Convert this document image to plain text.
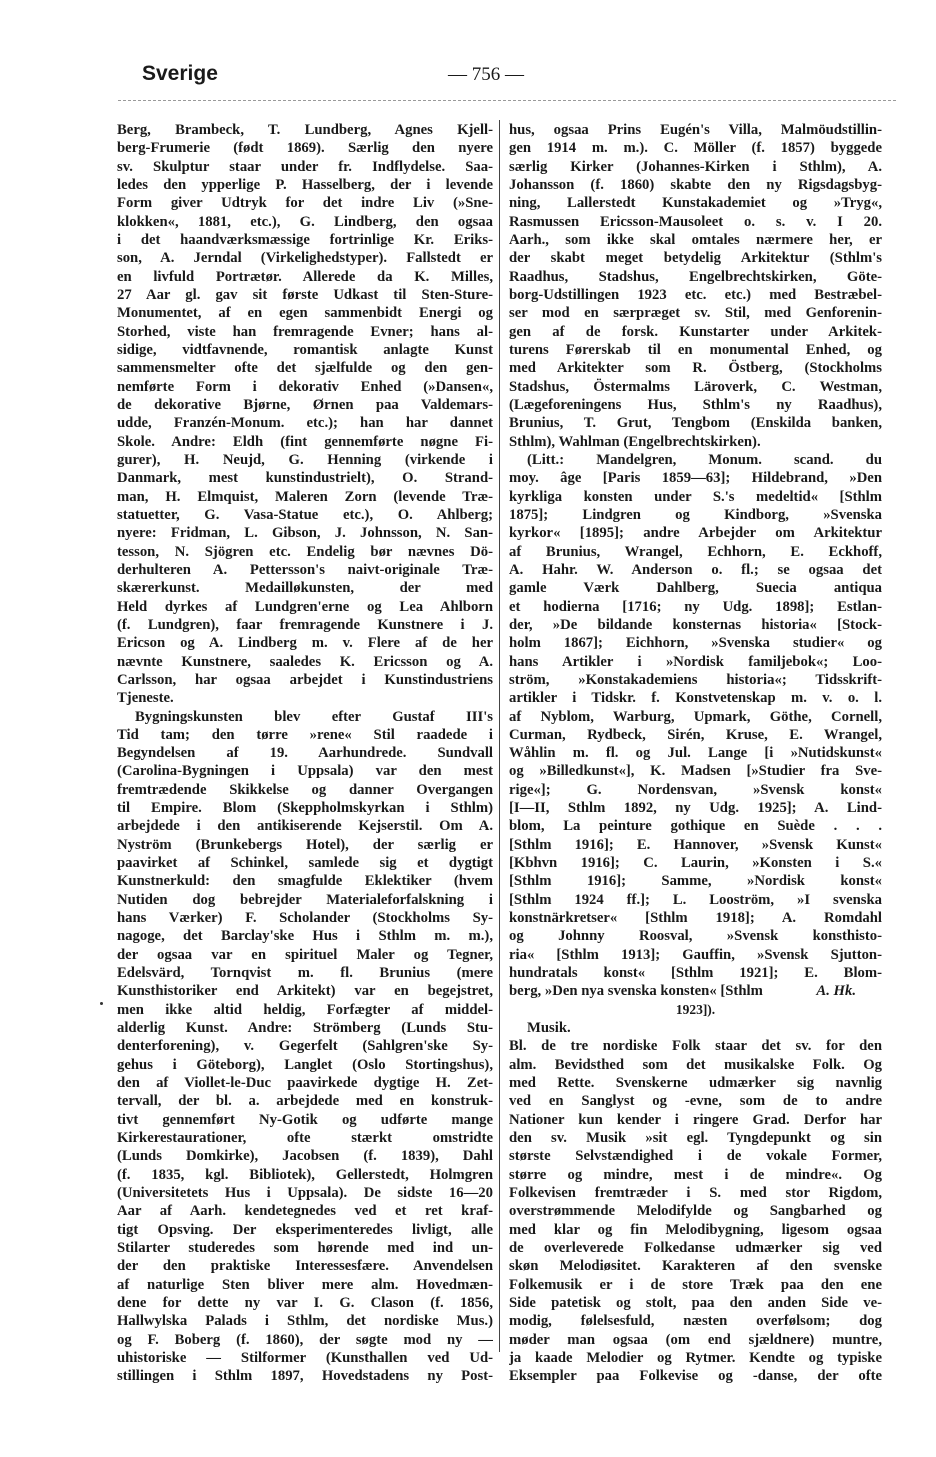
Sverige	— 756 —
Berg, Brambeck, T. Lundberg, Agnes Kjell-
berg-Frumerie (født 1869). Særlig den nyere
sv. Skulptur staar under fr. Indflydelse. Saa-
ledes den ypperlige P. Hasselberg, der i levende
Form giver Udtryk for det indre Liv (»Sne-
klokken«, 1881, etc.), G. Lindberg, den ogsaa
i det haandværksmæssige fortrinlige Kr. Eriks-
son, A. Jerndal (Virkelighedstyper). Fallstedt er
en livfuld Portrætør. Allerede da K. Milles,
27 Aar gl. gav sit første Udkast til Sten-Sture-
Monumentet, af en egen sammenbidt Energi og
Storhed, viste han fremragende Evner; hans al-
sidige, vidtfavnende, romantisk anlagte Kunst
sammensmelter ofte det sjælfulde og den gen-
nemførte Form i dekorativ Enhed (»Dansen«,
de dekorative Bjørne, Ørnen paa Valdemars-
udde, Franzén-Monum. etc.); han har dannet
Skole. Andre: Eldh (fint gennemførte nøgne Fi-
gurer), H. Neujd, G. Henning (virkende i
Danmark, mest kunstindustrielt), O. Strand-
man, H. Elmquist, Maleren Zorn (levende Træ-
statuetter, G. Vasa-Statue etc.), O. Ahlberg;
nyere: Fridman, L. Gibson, J. Johnsson, N. San-
tesson, N. Sjögren etc. Endelig bør nævnes Dö-
derhulteren A. Pettersson's naivt-originale Træ-
skærerkunst. Medailløkunsten, der med
Held dyrkes af Lundgren'erne og Lea Ahlborn
(f. Lundgren), faar fremragende Kunstnere i J.
Ericson og A. Lindberg m. v. Flere af de her
nævnte Kunstnere, saaledes K. Ericsson og A.
Carlsson, har ogsaa arbejdet i Kunstindustriens
Tjeneste.
Bygningskunsten blev efter Gustaf III's
Tid tam; den tørre »rene« Stil raadede i
Begyndelsen af 19. Aarhundrede. Sundvall
(Carolina-Bygningen i Uppsala) var den mest
fremtrædende Skikkelse og danner Overgangen
til Empire. Blom (Skeppholmskyrkan i Sthlm)
arbejdede i den antikiserende Kejserstil. Om A.
Nyström (Brunkebergs Hotel), der særlig er
paavirket af Schinkel, samlede sig et dygtigt
Kunstnerkuld: den smagfulde Eklektiker (hvem
Nutiden dog bebrejder Materialeforfalskning i
hans Værker) F. Scholander (Stockholms Sy-
nagoge, det Barclay'ske Hus i Sthlm m. m.),
der ogsaa var en spirituel Maler og Tegner,
Edelsvärd, Tornqvist m. fl. Brunius (mere
Kunsthistoriker end Arkitekt) var en begejstret,
men ikke altid heldig, Forfægter af middel-
alderlig Kunst. Andre: Strömberg (Lunds Stu-
denterforening), v. Gegerfelt (Sahlgren'ske Sy-
gehus i Göteborg), Langlet (Oslo Stortingshus),
den af Viollet-le-Duc paavirkede dygtige H. Zet-
tervall, der bl. a. arbejdede med en konstruk-
tivt gennemført Ny-Gotik og udførte mange
Kirkerestaurationer, ofte stærkt omstridte
(Lunds Domkirke), Jacobsen (f. 1839), Dahl
(f. 1835, kgl. Bibliotek), Gellerstedt, Holmgren
(Universitetets Hus i Uppsala). De sidste 16—20
Aar af Aarh. kendetegnedes ved et ret kraf-
tigt Opsving. Der eksperimenteredes livligt, alle
Stilarter studeredes som hørende med ind un-
der den praktiske Interessesfære. Anvendelsen
af naturlige Sten bliver mere alm. Hovedmæn-
dene for dette ny var I. G. Clason (f. 1856,
Hallwylska Palads i Sthlm, det nordiske Mus.)
og F. Boberg (f. 1860), der søgte mod ny —
uhistoriske — Stilformer (Kunsthallen ved Ud-
stillingen i Sthlm 1897, Hovedstadens ny Post-
hus, ogsaa Prins Eugén's Villa, Malmöudstillin-
gen 1914 m. m.). C. Möller (f. 1857) byggede
særlig Kirker (Johannes-Kirken i Sthlm), A.
Johansson (f. 1860) skabte den ny Rigsdagsbyg-
ning, Lallerstedt Kunstakademiet og »Tryg«,
Rasmussen Ericsson-Mausoleet o. s. v. I 20.
Aarh., som ikke skal omtales nærmere her, er
der skabt meget betydelig Arkitektur (Sthlm's
Raadhus, Stadshus, Engelbrechtskirken, Göte-
borg-Udstillingen 1923 etc. etc.) med Bestræbel-
ser mod en særpræget sv. Stil, med Genforenin-
gen af de forsk. Kunstarter under Arkitek-
turens Førerskab til en monumental Enhed, og
med Arkitekter som R. Östberg, (Stockholms
Stadshus, Östermalms Läroverk, C. Westman,
(Lægeforeningens Hus, Sthlm's ny Raadhus),
Brunius, T. Grut, Tengbom (Enskilda banken,
Sthlm), Wahlman (Engelbrechtskirken).
(Litt.: Mandelgren, Monum. scand. du
moy. âge [Paris 1859—63]; Hildebrand, »Den
kyrkliga konsten under S.'s medeltid« [Sthlm
1875]; Lindgren og Kindborg, »Svenska
kyrkor« [1895]; andre Arbejder om Arkitektur
af Brunius, Wrangel, Echhorn, E. Eckhoff,
A. Hahr. W. Anderson o. fl.; se ogsaa det
gamle Værk Dahlberg, Suecia antiqua
et hodierna [1716; ny Udg. 1898]; Estlan-
der, »De bildande konsternas historia« [Stock-
holm 1867]; Eichhorn, »Svenska studier« og
hans Artikler i »Nordisk familjebok«; Loo-
ström, »Konstakademiens historia«; Tidsskrift-
artikler i Tidskr. f. Konstvetenskap m. v. o. l.
af Nyblom, Warburg, Upmark, Göthe, Cornell,
Curman, Rydbeck, Sirén, Kruse, E. Wrangel,
Wåhlin m. fl. og Jul. Lange [i »Nutidskunst«
og »Billedkunst«], K. Madsen [»Studier fra Sve-
rige«]; G. Nordensvan, »Svensk konst«
[I—II, Sthlm 1892, ny Udg. 1925]; A. Lind-
blom, La peinture gothique en Suède . . .
[Sthlm 1916]; E. Hannover, »Svensk Kunst«
[Kbhvn 1916]; C. Laurin, »Konsten i S.«
[Sthlm 1916]; Samme, »Nordisk konst«
[Sthlm 1924 ff.]; L. Looström, »I svenska
konstnärkretser« [Sthlm 1918]; A. Romdahl
og Johnny Roosval, »Svensk konsthisto-
ria« [Sthlm 1913]; Gauffin, »Svensk Sjutton-
hundratals konst« [Sthlm 1921]; E. Blom-
berg, »Den nya svenska konsten« [Sthlm	A. Hk.
1923]).
Musik.
Bl. de tre nordiske Folk staar det sv. for den
alm. Bevidsthed som det musikalske Folk. Og
med Rette. Svenskerne udmærker sig navnlig
ved en Sanglyst og -evne, som de to andre
Nationer kun kender i ringere Grad. Derfor har
den sv. Musik »sit egl. Tyngdepunkt og sin
største Selvstændighed i de vokale Former,
større og mindre, mest i de mindre«. Og
Folkevisen fremtræder i S. med stor Rigdom,
overstrømmende Melodifylde og Sangbarhed og
med klar og fin Melodibygning, ligesom ogsaa
de overleverede Folkedanse udmærker sig ved
skøn Melodiøsitet. Karakteren af den svenske
Folkemusik er i de store Træk paa den ene
Side patetisk og stolt, paa den anden Side ve-
modig, følelsesfuld, næsten overfølsom; dog
møder man ogsaa (om end sjældnere) muntre,
ja kaade Melodier og Rytmer. Kendte og typiske
Eksempler paa Folkevise og -danse, der ofte
